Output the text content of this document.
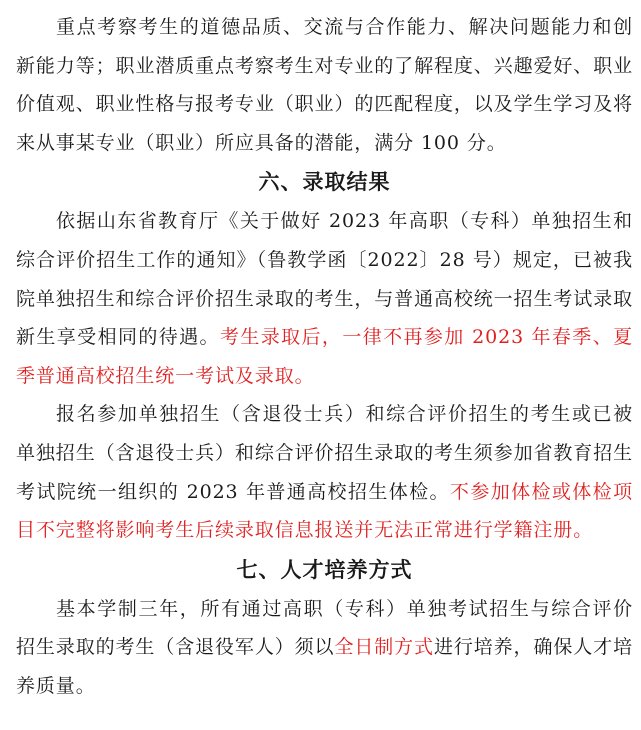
重点考察考生的道德品质、交流与合作能力、解决问题能力和创新能力等；职业潜质重点考察考生对专业的了解程度、兴趣爱好、职业价值观、职业性格与报考专业（职业）的匹配程度，以及学生学习及将来从事某专业（职业）所应具备的潜能，满分 100 分。

六、录取结果

依据山东省教育厅《关于做好 2023 年高职（专科）单独招生和综合评价招生工作的通知》（鲁教学函〔2022〕28 号）规定，已被我院单独招生和综合评价招生录取的考生，与普通高校统一招生考试录取新生享受相同的待遇。考生录取后，一律不再参加 2023 年春季、夏季普通高校招生统一考试及录取。

报名参加单独招生（含退役士兵）和综合评价招生的考生或已被单独招生（含退役士兵）和综合评价招生录取的考生须参加省教育招生考试院统一组织的 2023 年普通高校招生体检。不参加体检或体检项目不完整将影响考生后续录取信息报送并无法正常进行学籍注册。

七、人才培养方式

基本学制三年，所有通过高职（专科）单独考试招生与综合评价招生录取的考生（含退役军人）须以全日制方式进行培养，确保人才培养质量。
